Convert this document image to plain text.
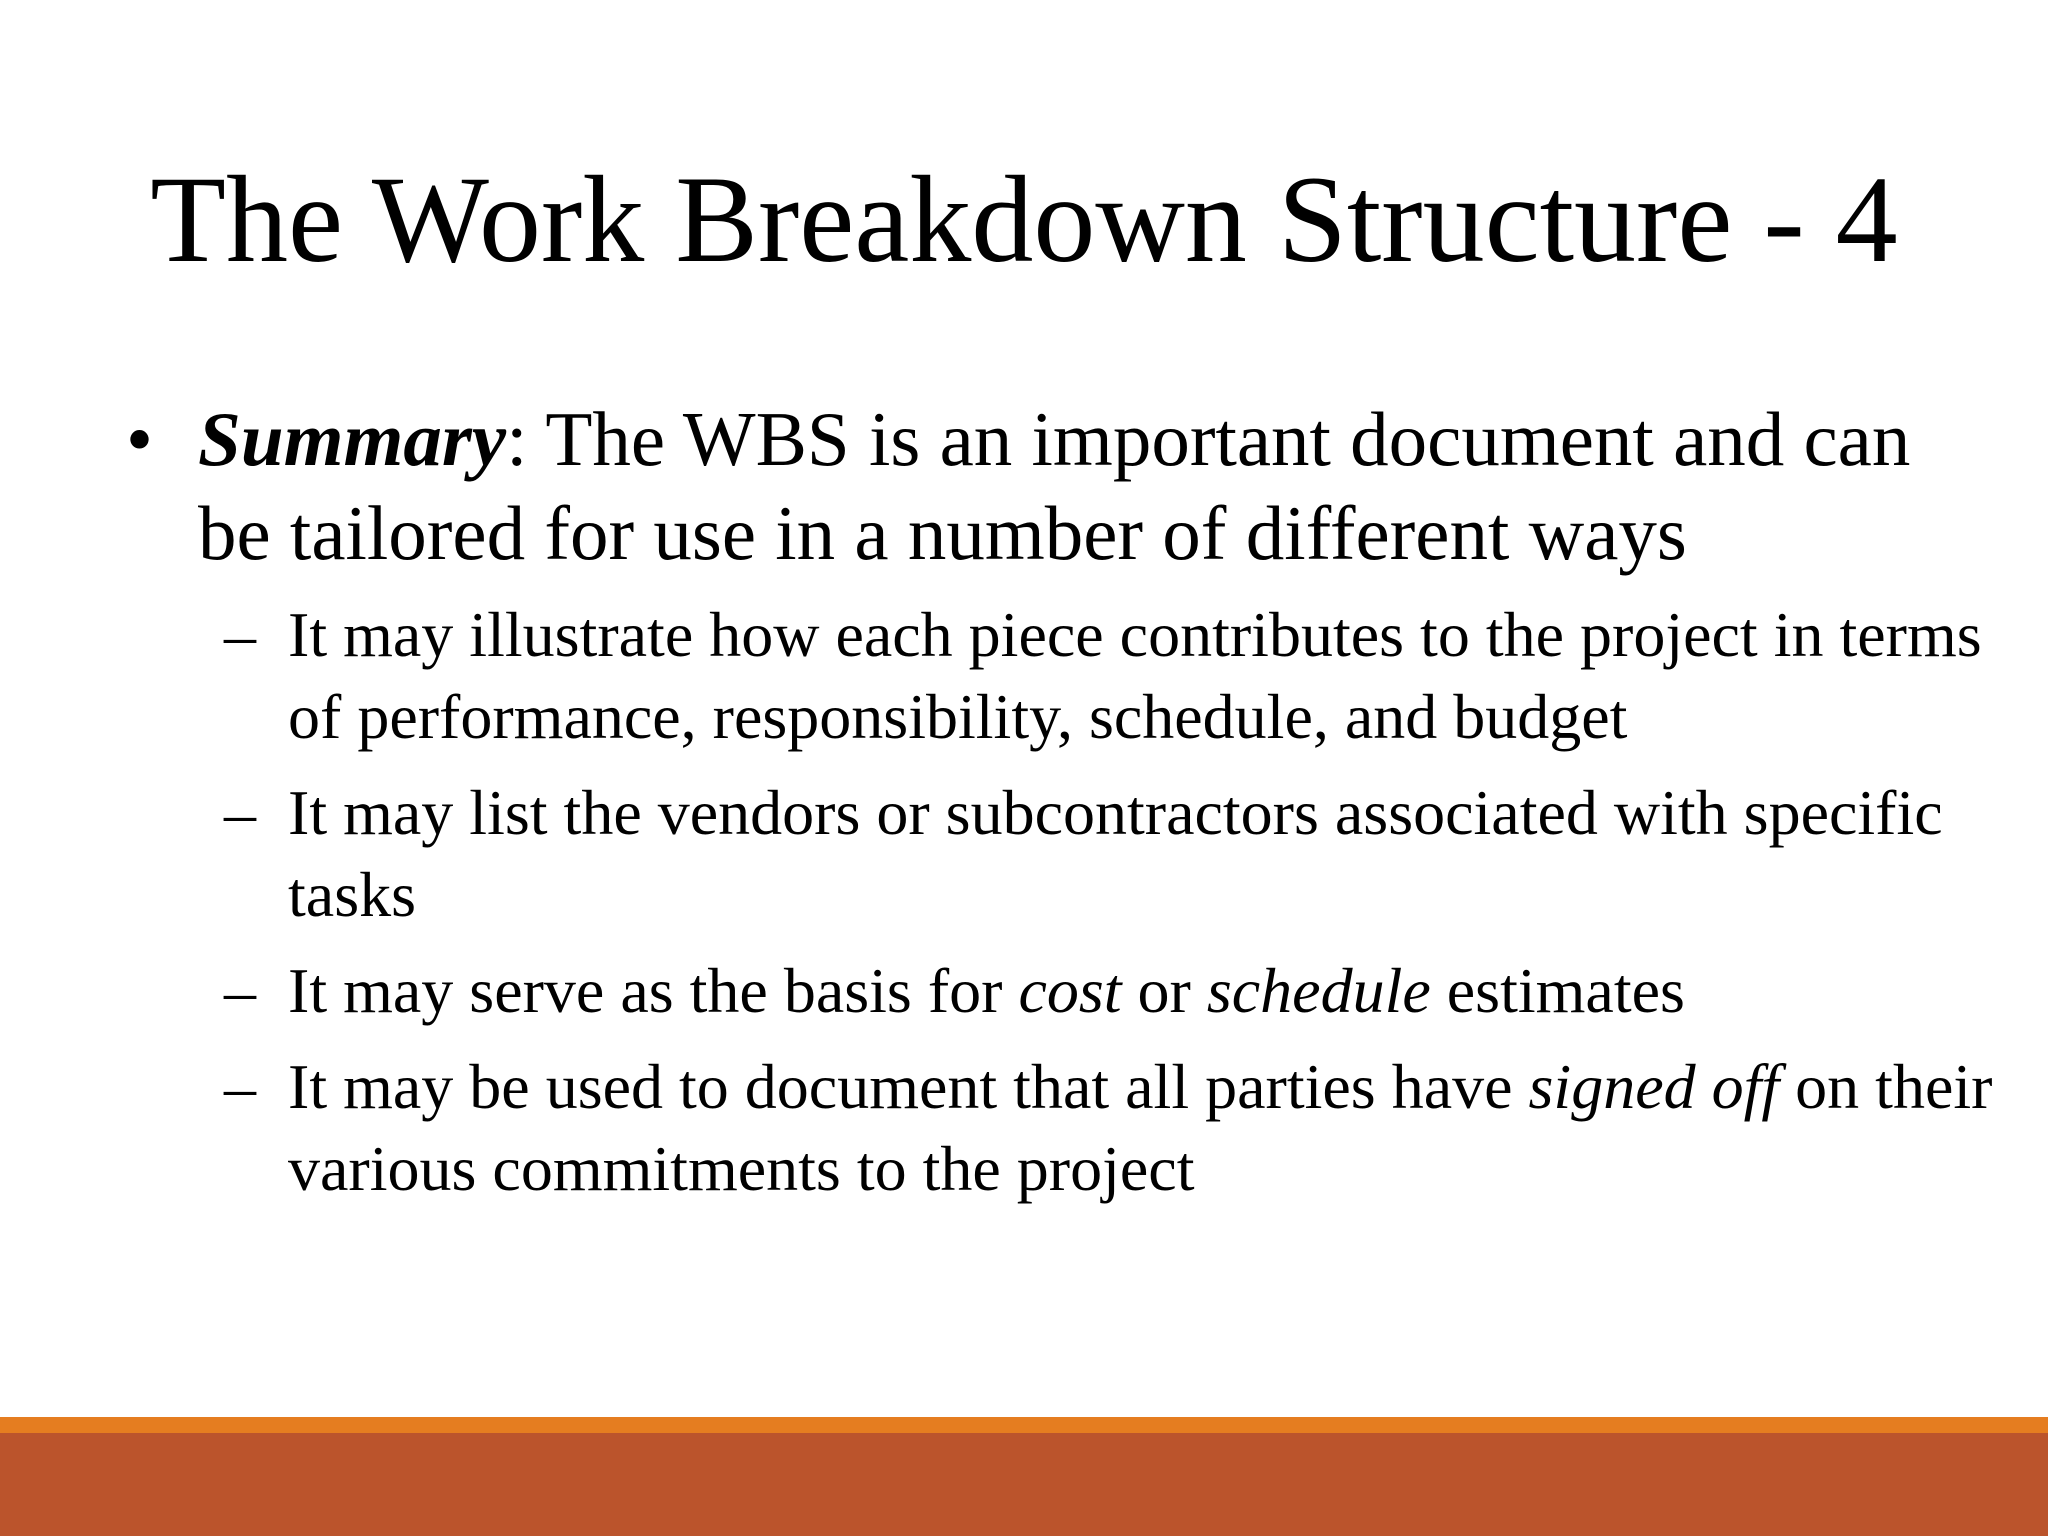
The Work Breakdown Structure - 4
• Summary: The WBS is an important document and can be tailored for use in a number of different ways
– It may illustrate how each piece contributes to the project in terms of performance, responsibility, schedule, and budget
– It may list the vendors or subcontractors associated with specific tasks
– It may serve as the basis for cost or schedule estimates
– It may be used to document that all parties have signed off on their various commitments to the project
